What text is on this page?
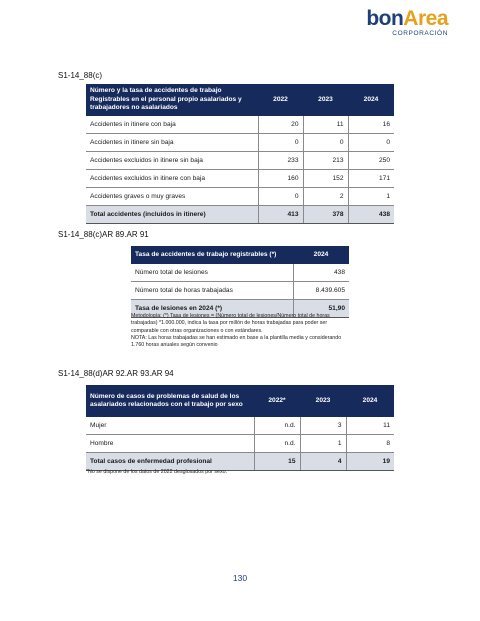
bonArea
CORPORACIÓN
S1-14_88(c)
Número y la tasa de accidentes de trabajo Registrables en el personal propio asalariados y trabajadores no asalariados	2022	2023	2024
Accidentes in itinere con baja	20	11	16
Accidentes in itinere sin baja	0	0	0
Accidentes excluidos in itinere sin baja	233	213	250
Accidentes excluidos in itinere con baja	160	152	171
Accidentes graves o muy graves	0	2	1
Total accidentes (incluidos in itinere)	413	378	438
S1-14_88(c)AR 89.AR 91
Tasa de accidentes de trabajo registrables (*)	2024
Número total de lesiones	438
Número total de horas trabajadas	8.439.605
Tasa de lesiones en 2024 (*)	51,90
Metodología: (*) Tasa de lesiones = (Número total de lesiones/Número total de horas trabajadas) *1.000.000, indica la tasa por millón de horas trabajadas para poder ser comparable con otras organizaciones o con estándares.
NOTA: Las horas trabajadas se han estimado en base a la plantilla media y considerando 1.760 horas anuales según convenio
S1-14_88(d)AR 92.AR 93.AR 94
Número de casos de problemas de salud de los asalariados relacionados con el trabajo por sexo	2022*	2023	2024
Mujer	n.d.	3	11
Hombre	n.d.	1	8
Total casos de enfermedad profesional	15	4	19
*No se dispone de los datos de 2022 desglosados por sexo.
130
